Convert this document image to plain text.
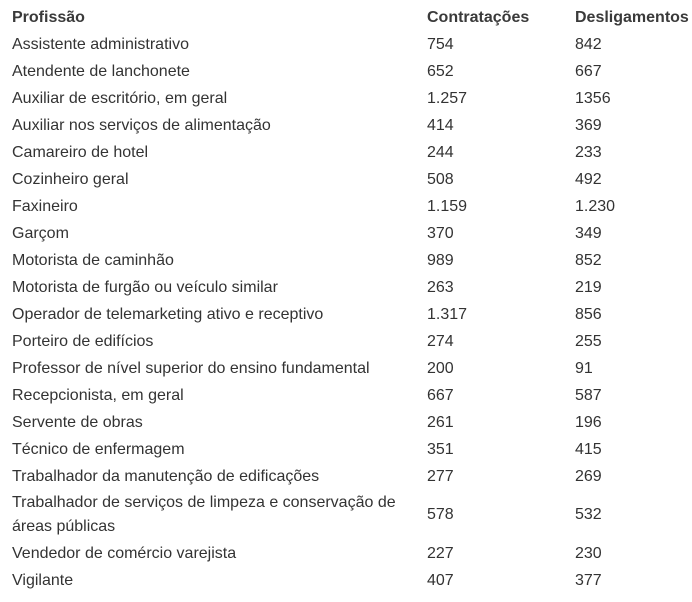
Profissão	Contratações	Desligamentos
Assistente administrativo	754	842
Atendente de lanchonete	652	667
Auxiliar de escritório, em geral	1.257	1356
Auxiliar nos serviços de alimentação	414	369
Camareiro de hotel	244	233
Cozinheiro geral	508	492
Faxineiro	1.159	1.230
Garçom	370	349
Motorista de caminhão	989	852
Motorista de furgão ou veículo similar	263	219
Operador de telemarketing ativo e receptivo	1.317	856
Porteiro de edifícios	274	255
Professor de nível superior do ensino fundamental	200	91
Recepcionista, em geral	667	587
Servente de obras	261	196
Técnico de enfermagem	351	415
Trabalhador da manutenção de edificações	277	269
Trabalhador de serviços de limpeza e conservação de áreas públicas	578	532
Vendedor de comércio varejista	227	230
Vigilante	407	377
